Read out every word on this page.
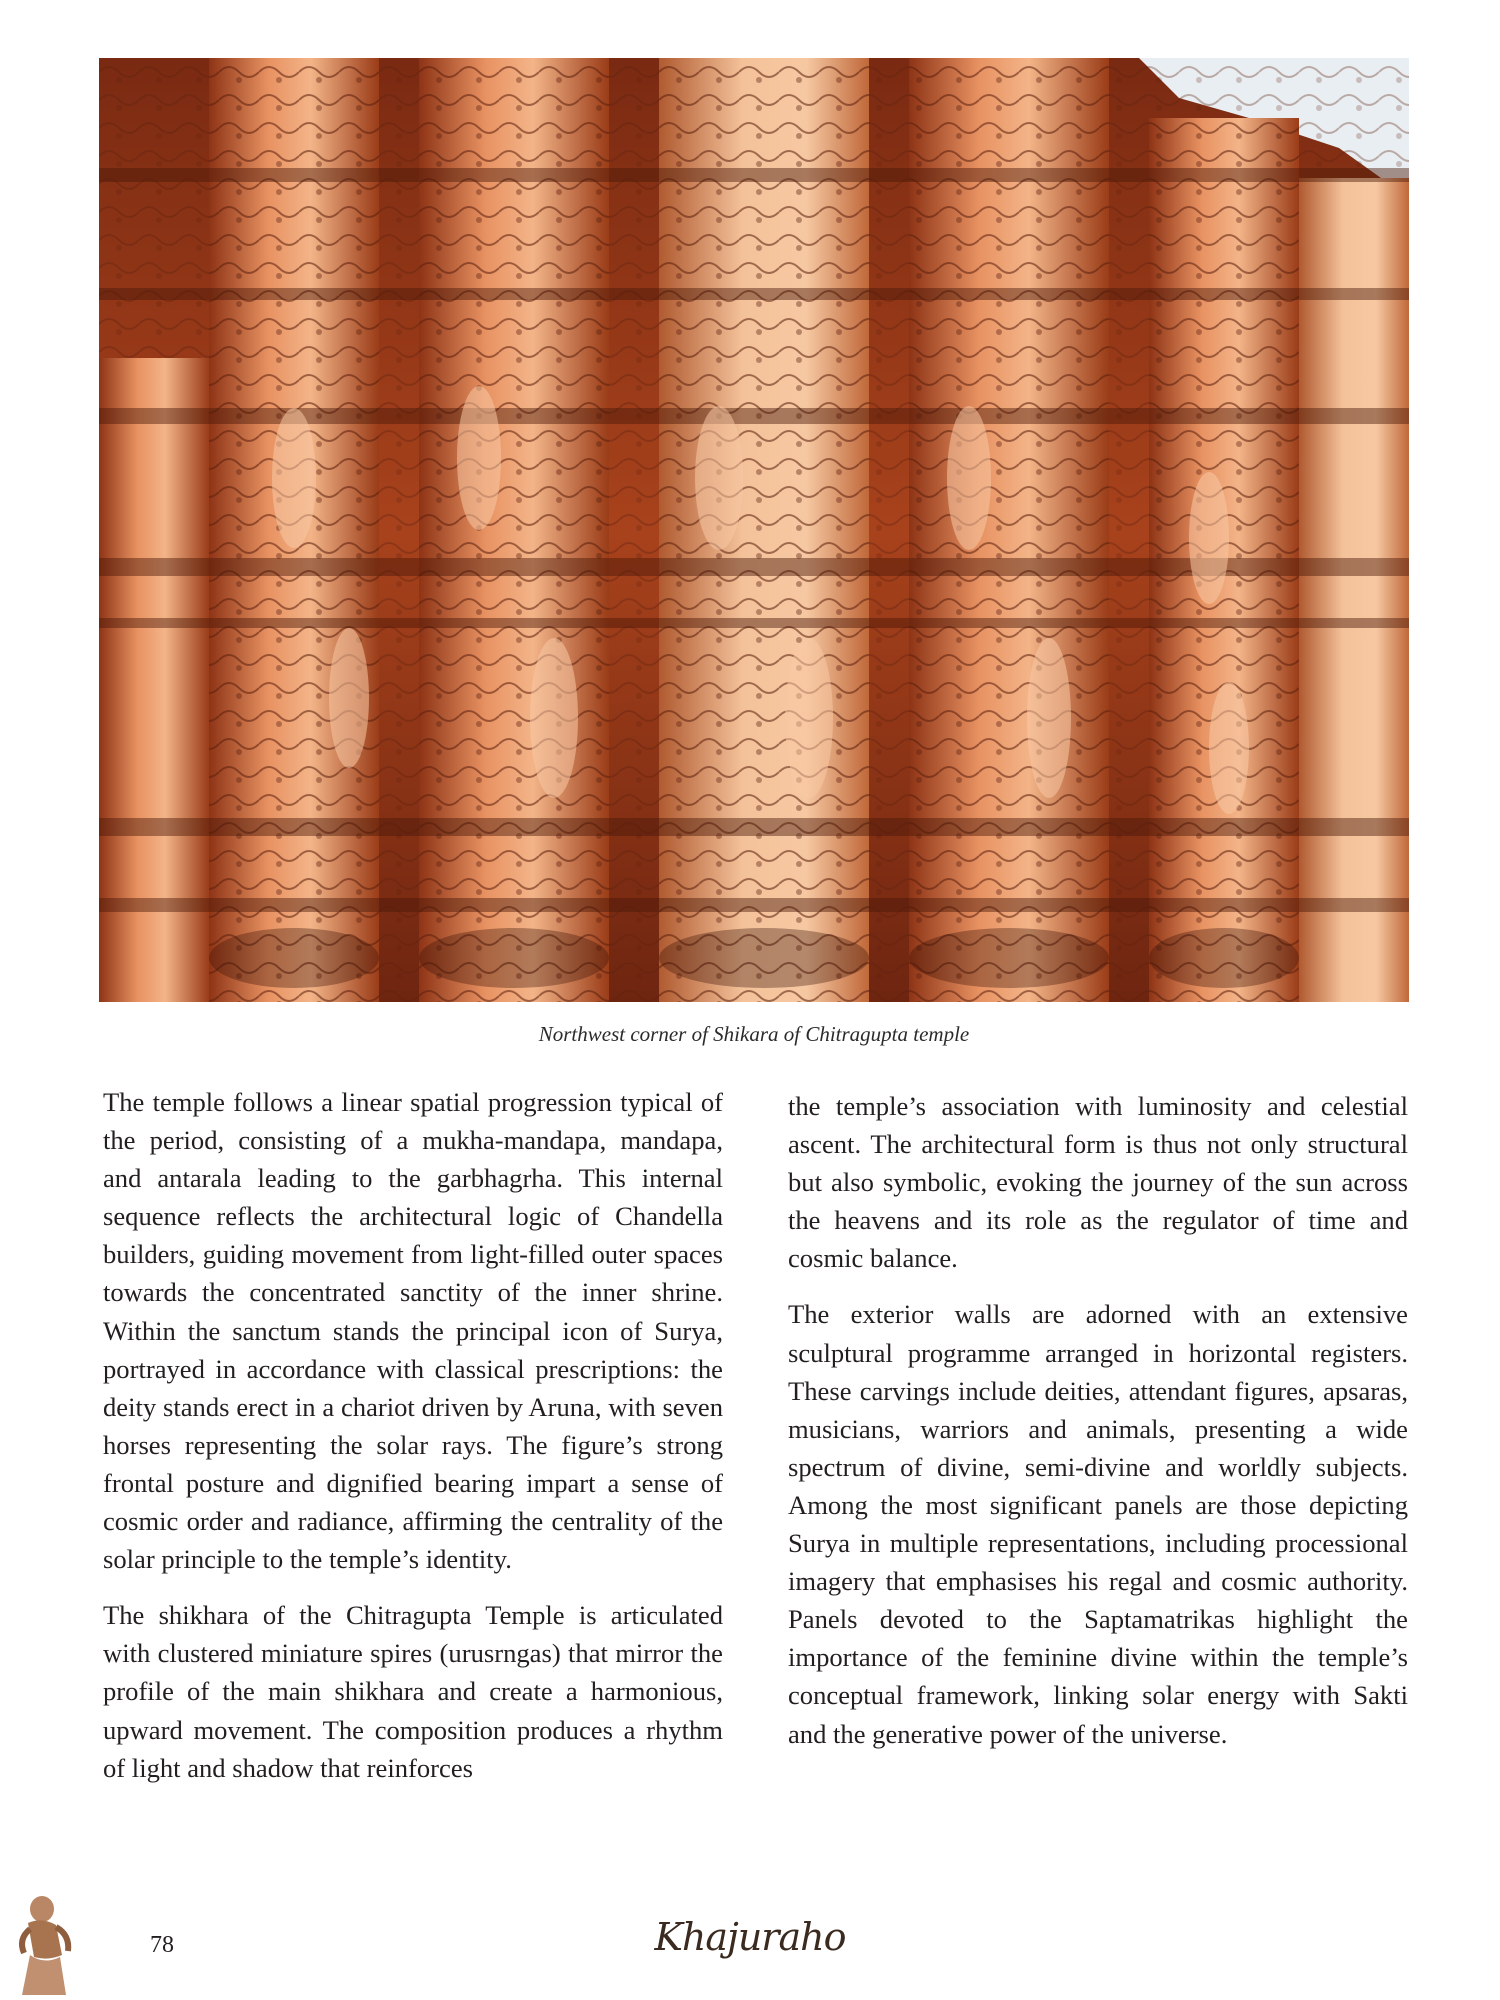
Northwest corner of Shikara of Chitragupta temple

The temple follows a linear spatial progression typical of the period, consisting of a mukha-mandapa, mandapa, and antarala leading to the garbhagrha. This internal sequence reflects the architectural logic of Chandella builders, guiding movement from light-filled outer spaces towards the concentrated sanctity of the inner shrine. Within the sanctum stands the principal icon of Surya, portrayed in accordance with classical prescriptions: the deity stands erect in a chariot driven by Aruna, with seven horses representing the solar rays. The figure’s strong frontal posture and dignified bearing impart a sense of cosmic order and radiance, affirming the centrality of the solar principle to the temple’s identity.

The shikhara of the Chitragupta Temple is articulated with clustered miniature spires (urusrngas) that mirror the profile of the main shikhara and create a harmonious, upward movement. The composition produces a rhythm of light and shadow that reinforces

the temple’s association with luminosity and celestial ascent. The architectural form is thus not only structural but also symbolic, evoking the journey of the sun across the heavens and its role as the regulator of time and cosmic balance.

The exterior walls are adorned with an extensive sculptural programme arranged in horizontal registers. These carvings include deities, attendant figures, apsaras, musicians, warriors and animals, presenting a wide spectrum of divine, semi-divine and worldly subjects. Among the most significant panels are those depicting Surya in multiple representations, including processional imagery that emphasises his regal and cosmic authority. Panels devoted to the Saptamatrikas highlight the importance of the feminine divine within the temple’s conceptual framework, linking solar energy with Sakti and the generative power of the universe.

78	Khajuraho
